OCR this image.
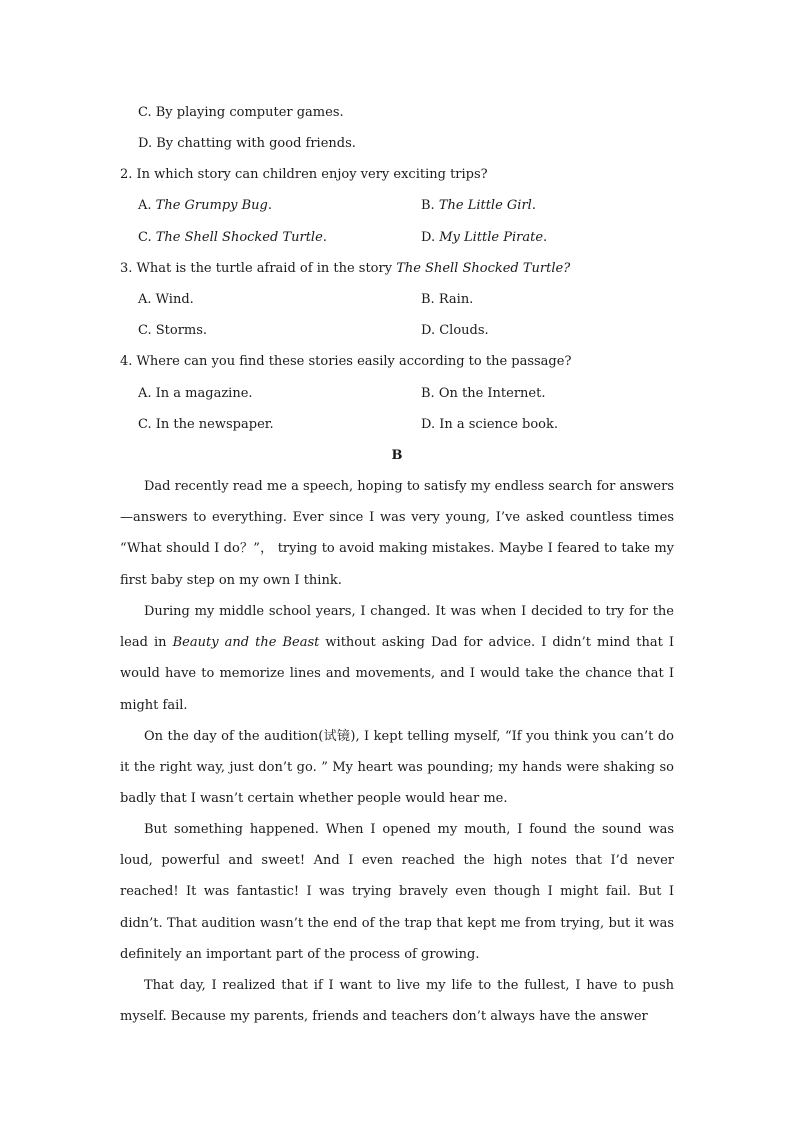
C. By playing computer games.
D. By chatting with good friends.
2. In which story can children enjoy very exciting trips?
A. The Grumpy Bug.	B. The Little Girl.
C. The Shell Shocked Turtle.	D. My Little Pirate.
3. What is the turtle afraid of in the story The Shell Shocked Turtle?
A. Wind.	B. Rain.
C. Storms.	D. Clouds.
4. Where can you find these stories easily according to the passage?
A. In a magazine.	B. On the Internet.
C. In the newspaper.	D. In a science book.
B
Dad recently read me a speech, hoping to satisfy my endless search for answers—answers to everything. Ever since I was very young, I’ve asked countless times “What should I do？”， trying to avoid making mistakes. Maybe I feared to take my first baby step on my own I think.
During my middle school years, I changed. It was when I decided to try for the lead in Beauty and the Beast without asking Dad for advice. I didn’t mind that I would have to memorize lines and movements, and I would take the chance that I might fail.
On the day of the audition(试镜), I kept telling myself, “If you think you can’t do it the right way, just don’t go. ” My heart was pounding; my hands were shaking so badly that I wasn’t certain whether people would hear me.
But something happened. When I opened my mouth, I found the sound was loud, powerful and sweet! And I even reached the high notes that I’d never reached! It was fantastic! I was trying bravely even though I might fail. But I didn’t. That audition wasn’t the end of the trap that kept me from trying, but it was definitely an important part of the process of growing.
That day, I realized that if I want to live my life to the fullest, I have to push myself. Because my parents, friends and teachers don’t always have the answer
